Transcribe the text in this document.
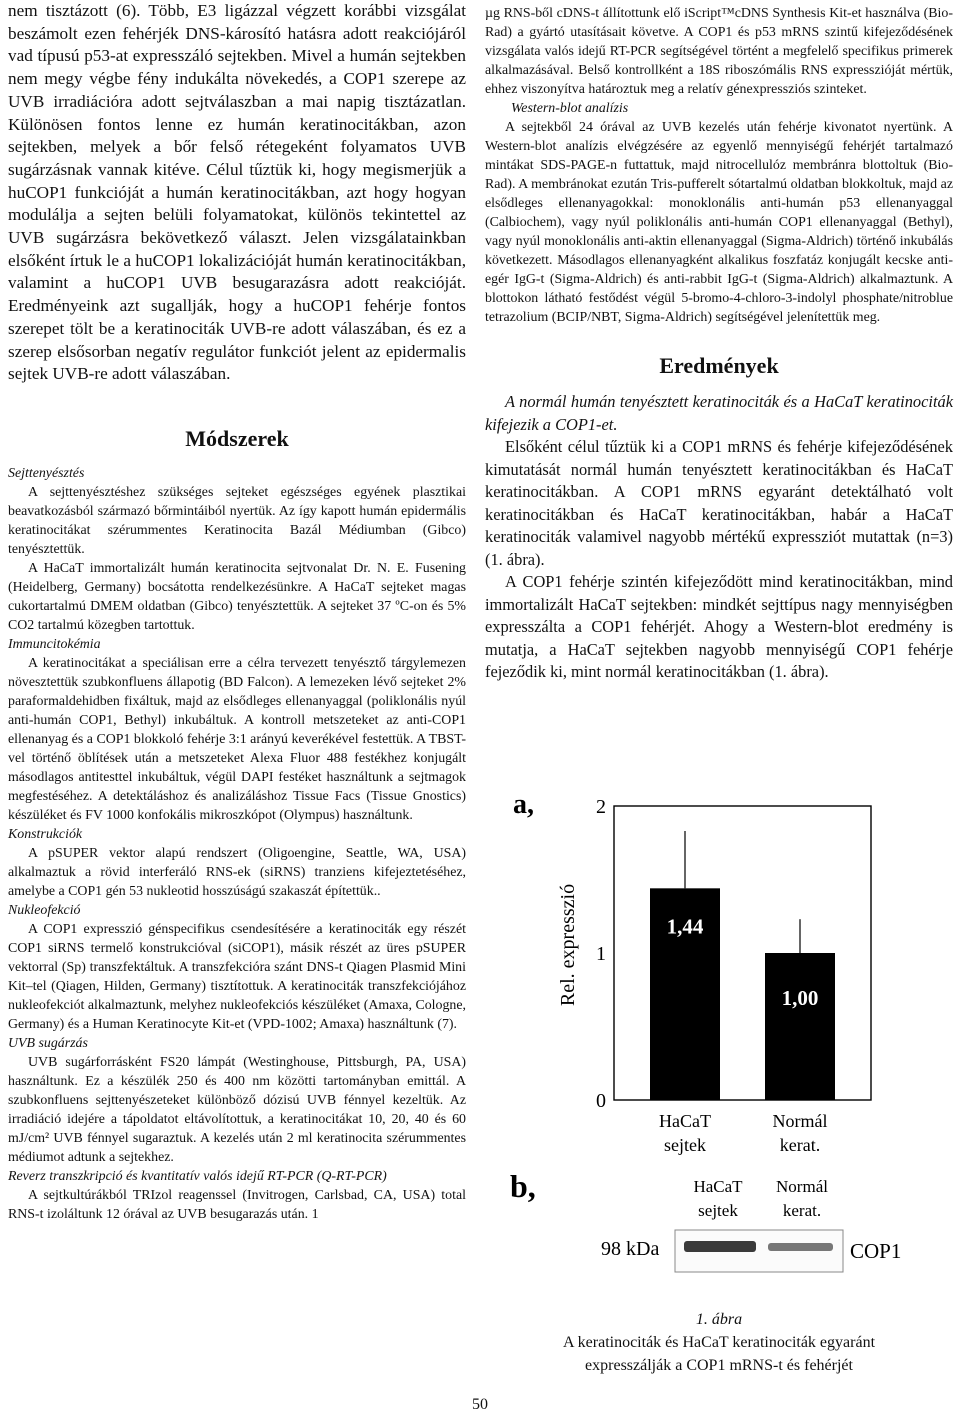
nem tisztázott (6). Több, E3 ligázzal végzett korábbi vizsgálat beszámolt ezen fehérjék DNS-károsító hatásra adott reakciójáról vad típusú p53-at expresszáló sejtekben. Mivel a humán sejtekben nem megy végbe fény indukálta növekedés, a COP1 szerepe az UVB irradiációra adott sejtválaszban a mai napig tisztázatlan. Különösen fontos lenne ez humán keratinocitákban, azon sejtekben, melyek a bőr felső rétegeként folyamatos UVB sugárzásnak vannak kitéve. Célul tűztük ki, hogy megismerjük a huCOP1 funkcióját a humán keratinocitákban, azt hogy hogyan modulálja a sejten belüli folyamatokat, különös tekintettel az UVB sugárzásra bekövetkező választ. Jelen vizsgálatainkban elsőként írtuk le a huCOP1 lokalizációját humán keratinocitákban, valamint a huCOP1 UVB besugarazásra adott reakcióját. Eredményeink azt sugallják, hogy a huCOP1 fehérje fontos szerepet tölt be a keratinociták UVB-re adott válaszában, és ez a szerep elsősorban negatív regulátor funkciót jelent az epidermalis sejtek UVB-re adott válaszában.

Módszerek

Sejttenyésztés

A sejttenyésztéshez szükséges sejteket egészséges egyének plasztikai beavatkozásból származó bőrmintáiból nyertük. Az így kapott humán epidermális keratinocitákat szérummentes Keratinocita Bazál Médiumban (Gibco) tenyésztettük.

A HaCaT immortalizált humán keratinocita sejtvonalat Dr. N. E. Fusening (Heidelberg, Germany) bocsátotta rendelkezésünkre. A HaCaT sejteket magas cukortartalmú DMEM oldatban (Gibco) tenyésztettük. A sejteket 37 ºC-on és 5% CO2 tartalmú közegben tartottuk.

Immuncitokémia

A keratinocitákat a speciálisan erre a célra tervezett tenyésztő tárgylemezen növesztettük szubkonfluens állapotig (BD Falcon). A lemezeken lévő sejteket 2% paraformaldehidben fixáltuk, majd az elsődleges ellenanyaggal (poliklonális nyúl anti-humán COP1, Bethyl) inkubáltuk. A kontroll metszeteket az anti-COP1 ellenanyag és a COP1 blokkoló fehérje 3:1 arányú keverékével festettük. A TBST-vel történő öblítések után a metszeteket Alexa Fluor 488 festékhez konjugált másodlagos antitesttel inkubáltuk, végül DAPI festéket használtunk a sejtmagok megfestéséhez. A detektáláshoz és analizáláshoz Tissue Facs (Tissue Gnostics) készüléket és FV 1000 konfokális mikroszkópot (Olympus) használtunk.

Konstrukciók

A pSUPER vektor alapú rendszert (Oligoengine, Seattle, WA, USA) alkalmaztuk a rövid interferáló RNS-ek (siRNS) tranziens kifejeztetéséhez, amelybe a COP1 gén 53 nukleotid hosszúságú szakaszát építettük..

Nukleofekció

A COP1 expresszió génspecifikus csendesítésére a keratinociták egy részét COP1 siRNS termelő konstrukcióval (siCOP1), másik részét az üres pSUPER vektorral (Sp) transzfektáltuk. A transzfekcióra szánt DNS-t Qiagen Plasmid Mini Kit–tel (Qiagen, Hilden, Germany) tisztítottuk. A keratinociták transzfekciójához nukleofekciót alkalmaztunk, melyhez nukleofekciós készüléket (Amaxa, Cologne, Germany) és a Human Keratinocyte Kit-et (VPD-1002; Amaxa) használtunk (7).

UVB sugárzás

UVB sugárforrásként FS20 lámpát (Westinghouse, Pittsburgh, PA, USA) használtunk. Ez a készülék 250 és 400 nm közötti tartományban emittál. A szubkonfluens sejttenyészeteket különböző dózisú UVB fénnyel kezeltük. Az irradiáció idejére a tápoldatot eltávolítottuk, a keratinocitákat 10, 20, 40 és 60 mJ/cm² UVB fénnyel sugaraztuk. A kezelés után 2 ml keratinocita szérummentes médiumot adtunk a sejtekhez.

Reverz transzkripció és kvantitatív valós idejű RT-PCR (Q-RT-PCR)

A sejtkultúrákból TRIzol reagenssel (Invitrogen, Carlsbad, CA, USA) total RNS-t izoláltunk 12 órával az UVB besugarazás után. 1

µg RNS-ből cDNS-t állítottunk elő iScript™cDNS Synthesis Kit-et használva (Bio-Rad) a gyártó utasításait követve. A COP1 és p53 mRNS szintű kifejeződésének vizsgálata valós idejű RT-PCR segítségével történt a megfelelő specifikus primerek alkalmazásával. Belső kontrollként a 18S riboszómális RNS expresszióját mértük, ehhez viszonyítva határoztuk meg a relatív génexpressziós szinteket.

Western-blot analízis

A sejtekből 24 órával az UVB kezelés után fehérje kivonatot nyertünk. A Western-blot analízis elvégzésére az egyenlő mennyiségű fehérjét tartalmazó mintákat SDS-PAGE-n futtattuk, majd nitrocellulóz membránra blottoltuk (Bio-Rad). A membránokat ezután Tris-pufferelt sótartalmú oldatban blokkoltuk, majd az elsődleges ellenanyagokkal: monoklonális anti-humán p53 ellenanyaggal (Calbiochem), vagy nyúl poliklonális anti-humán COP1 ellenanyaggal (Bethyl), vagy nyúl monoklonális anti-aktin ellenanyaggal (Sigma-Aldrich) történő inkubálás következett. Másodlagos ellenanyagként alkalikus foszfatáz konjugált kecske anti-egér IgG-t (Sigma-Aldrich) és anti-rabbit IgG-t (Sigma-Aldrich) alkalmaztunk. A blottokon látható festődést végül 5-bromo-4-chloro-3-indolyl phosphate/nitroblue tetrazolium (BCIP/NBT, Sigma-Aldrich) segítségével jelenítettük meg.

Eredmények

A normál humán tenyésztett keratinociták és a HaCaT keratinociták kifejezik a COP1-et.

Elsőként célul tűztük ki a COP1 mRNS és fehérje kifejeződésének kimutatását normál humán tenyésztett keratinocitákban és HaCaT keratinocitákban. A COP1 mRNS egyaránt detektálható volt keratinocitákban és HaCaT keratinocitákban, habár a HaCaT keratinociták valamivel nagyobb mértékű expressziót mutattak (n=3) (1. ábra).

A COP1 fehérje szintén kifejeződött mind keratinocitákban, mind immortalizált HaCaT sejtekben: mindkét sejttípus nagy mennyiségben expresszálta a COP1 fehérjét. Ahogy a Western-blot eredmény is mutatja, a HaCaT sejtekben nagyobb mennyiségű COP1 fehérje fejeződik ki, mint normál keratinocitákban (1. ábra).

a,
Rel. expresszió
0
1
2
1,44
HaCaT
sejtek
1,00
Normál
kerat.
b,	HaCaT
sejtek
Normál
kerat.
98 kDa	COP1
1. ábra
A keratinociták és HaCaT keratinociták egyaránt
expresszálják a COP1 mRNS-t és fehérjét
50
